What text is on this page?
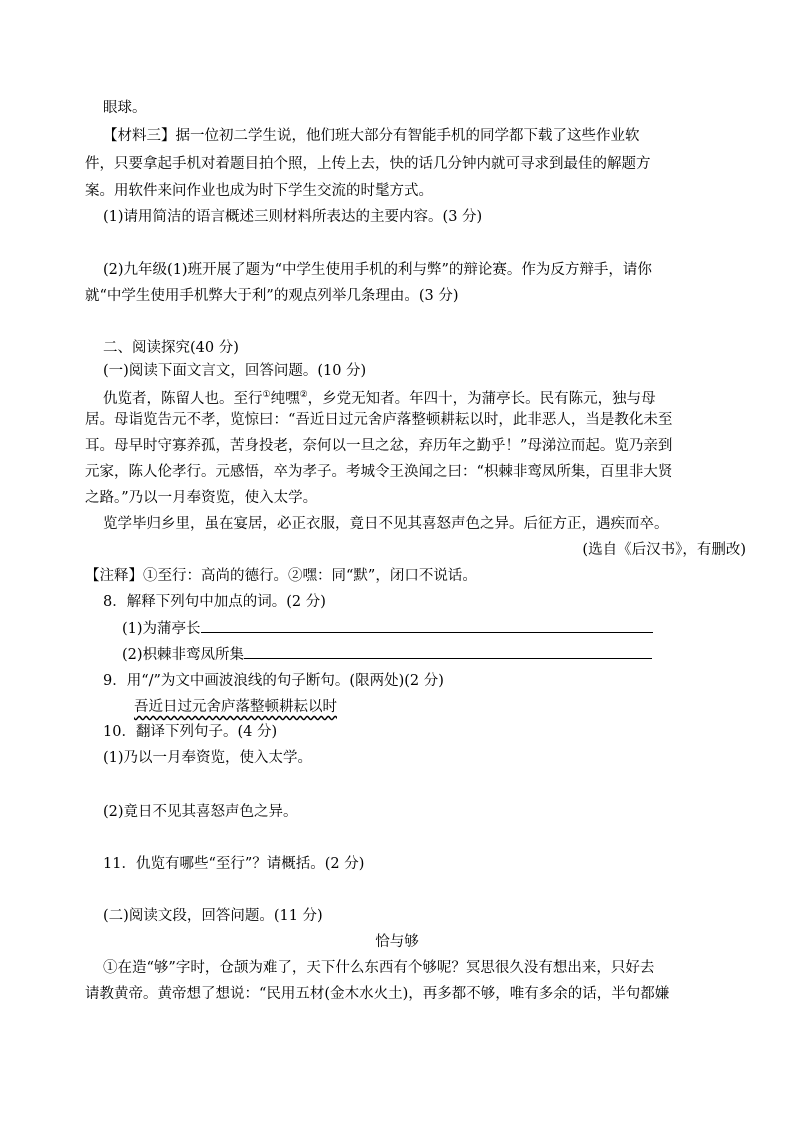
眼球。
【材料三】据一位初二学生说，他们班大部分有智能手机的同学都下载了这些作业软
件，只要拿起手机对着题目拍个照，上传上去，快的话几分钟内就可寻求到最佳的解题方
案。用软件来问作业也成为时下学生交流的时髦方式。
(1)请用简洁的语言概述三则材料所表达的主要内容。(3 分)
(2)九年级(1)班开展了题为“中学生使用手机的利与弊”的辩论赛。作为反方辩手，请你
就“中学生使用手机弊大于利”的观点列举几条理由。(3 分)
二、阅读探究(40 分)
(一)阅读下面文言文，回答问题。(10 分)
仇览者，陈留人也。至行①纯嘿②，乡党无知者。年四十，为蒲亭长。民有陈元，独与母
居。母诣览告元不孝，览惊曰：“吾近日过元舍庐落整顿耕耘以时，此非恶人，当是教化未至
耳。母早时守寡养孤，苦身投老，奈何以一旦之忿，弃历年之勤乎！”母涕泣而起。览乃亲到
元家，陈人伦孝行。元感悟，卒为孝子。考城令王涣闻之曰：“枳棘非鸾凤所集，百里非大贤
之路。”乃以一月奉资览，使入太学。
览学毕归乡里，虽在宴居，必正衣服，竟日不见其喜怒声色之异。后征方正，遇疾而卒。
(选自《后汉书》，有删改)
【注释】①至行：高尚的德行。②嘿：同“默”，闭口不说话。
8．解释下列句中加点的词。(2 分)
(1)为蒲亭长
(2)枳棘非鸾凤所集
9．用“/”为文中画波浪线的句子断句。(限两处)(2 分)
吾近日过元舍庐落整顿耕耘以时
10．翻译下列句子。(4 分)
(1)乃以一月奉资览，使入太学。
(2)竟日不见其喜怒声色之异。
11．仇览有哪些“至行”？请概括。(2 分)
(二)阅读文段，回答问题。(11 分)
恰与够
①在造“够”字时，仓颉为难了，天下什么东西有个够呢？冥思很久没有想出来，只好去
请教黄帝。黄帝想了想说：“民用五材(金木水火土)，再多都不够，唯有多余的话，半句都嫌
